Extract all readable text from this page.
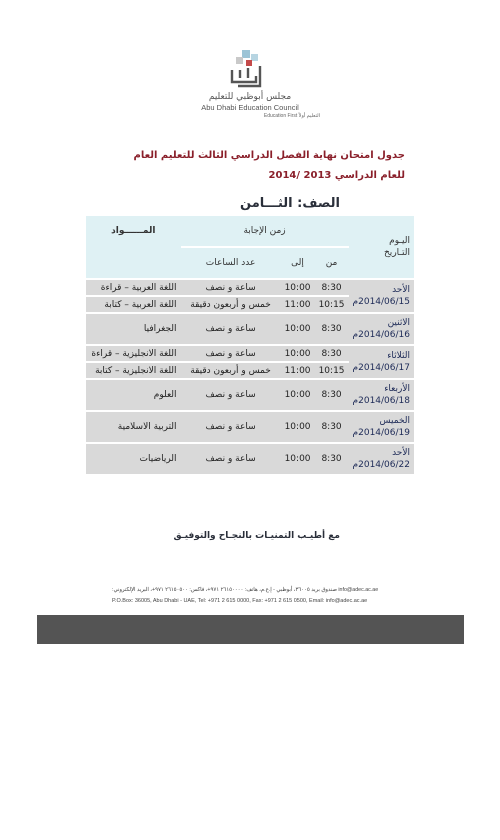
مجلس أبوظبي للتعليم
Abu Dhabi Education Council
Education First التعليم أولاً
جدول امتحان نهاية الفصل الدراسي الثالث للتعليم العام
للعام الدراسي 2013 /2014
الصف: الثـــامن
اليـوم
التـاريخ	زمن الإجابة			المــــــواد
	من	إلى	عدد الساعات	

الأحد
2014/06/15م	8:30	10:00	ساعة و نصف	اللغة العربية – قراءة
	10:15	11:00	خمس و أربعون دقيقة	اللغة العربية – كتابة

الاثنين
2014/06/16م	8:30	10:00	ساعة و نصف	الجغرافيا

الثلاثاء
2014/06/17م	8:30	10:00	ساعة و نصف	اللغة الانجليزية – قراءة
	10:15	11:00	خمس و أربعون دقيقة	اللغة الانجليزية – كتابة

الأربعاء
2014/06/18م	8:30	10:00	ساعة و نصف	العلوم

الخميس
2014/06/19م	8:30	10:00	ساعة و نصف	التربية الاسلامية

الأحد
2014/06/22م	8:30	10:00	ساعة و نصف	الرياضيات
مع أطيـب التمنيـات بالنجـاح والتوفيـق
info@adec.ac.ae صندوق بريد ٣٦٠٠٥، أبوظبي - إ.ع.م، هاتف: ٢٦١٥٠٠٠٠ ٩٧١+، فاكس: ٢٦١٥٠٥٠٠ ٩٧١+، البريد الإلكتروني:
P.O.Box: 36005, Abu Dhabi - UAE, Tel: +971 2 615 0000, Fax: +971 2 615 0500, Email: info@adec.ac.ae
